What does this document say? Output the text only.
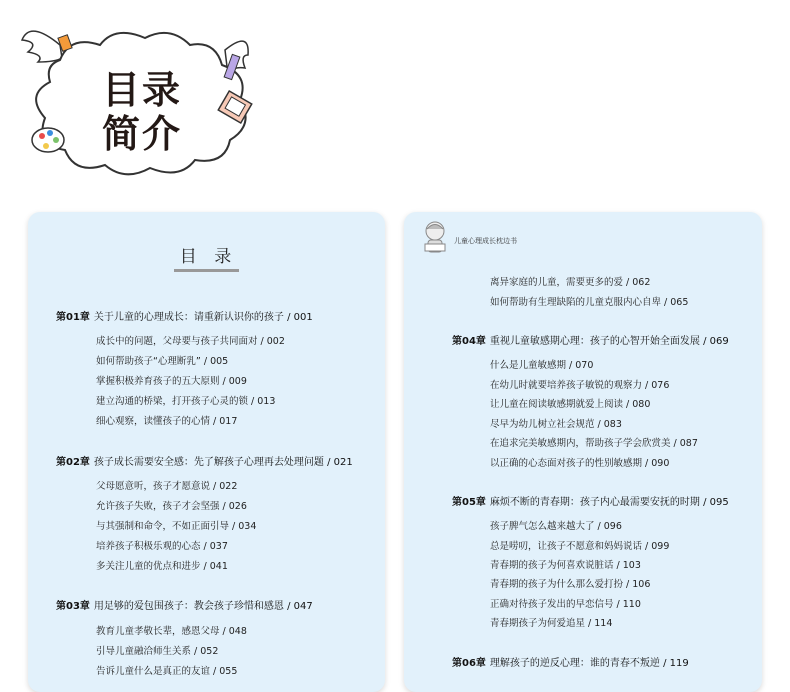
目录
简介
目 录
第01章 关于儿童的心理成长：请重新认识你的孩子 / 001
成长中的问题，父母要与孩子共同面对 / 002
如何帮助孩子“心理断乳” / 005
掌握积极养育孩子的五大原则 / 009
建立沟通的桥梁，打开孩子心灵的锁 / 013
细心观察，读懂孩子的心情 / 017
第02章 孩子成长需要安全感：先了解孩子心理再去处理问题 / 021
父母愿意听，孩子才愿意说 / 022
允许孩子失败，孩子才会坚强 / 026
与其强制和命令，不如正面引导 / 034
培养孩子积极乐观的心态 / 037
多关注儿童的优点和进步 / 041
第03章 用足够的爱包围孩子：教会孩子珍惜和感恩 / 047
教育儿童孝敬长辈，感恩父母 / 048
引导儿童融洽师生关系 / 052
告诉儿童什么是真正的友谊 / 055
儿童心理成长枕边书
离异家庭的儿童，需要更多的爱 / 062
如何帮助有生理缺陷的儿童克服内心自卑 / 065
第04章 重视儿童敏感期心理：孩子的心智开始全面发展 / 069
什么是儿童敏感期 / 070
在幼儿时就要培养孩子敏锐的观察力 / 076
让儿童在阅读敏感期就爱上阅读 / 080
尽早为幼儿树立社会规范 / 083
在追求完美敏感期内，帮助孩子学会欣赏美 / 087
以正确的心态面对孩子的性别敏感期 / 090
第05章 麻烦不断的青春期：孩子内心最需要安抚的时期 / 095
孩子脾气怎么越来越大了 / 096
总是唠叨，让孩子不愿意和妈妈说话 / 099
青春期的孩子为何喜欢说脏话 / 103
青春期的孩子为什么那么爱打扮 / 106
正确对待孩子发出的早恋信号 / 110
青春期孩子为何爱追星 / 114
第06章 理解孩子的逆反心理：谁的青春不叛逆 / 119
